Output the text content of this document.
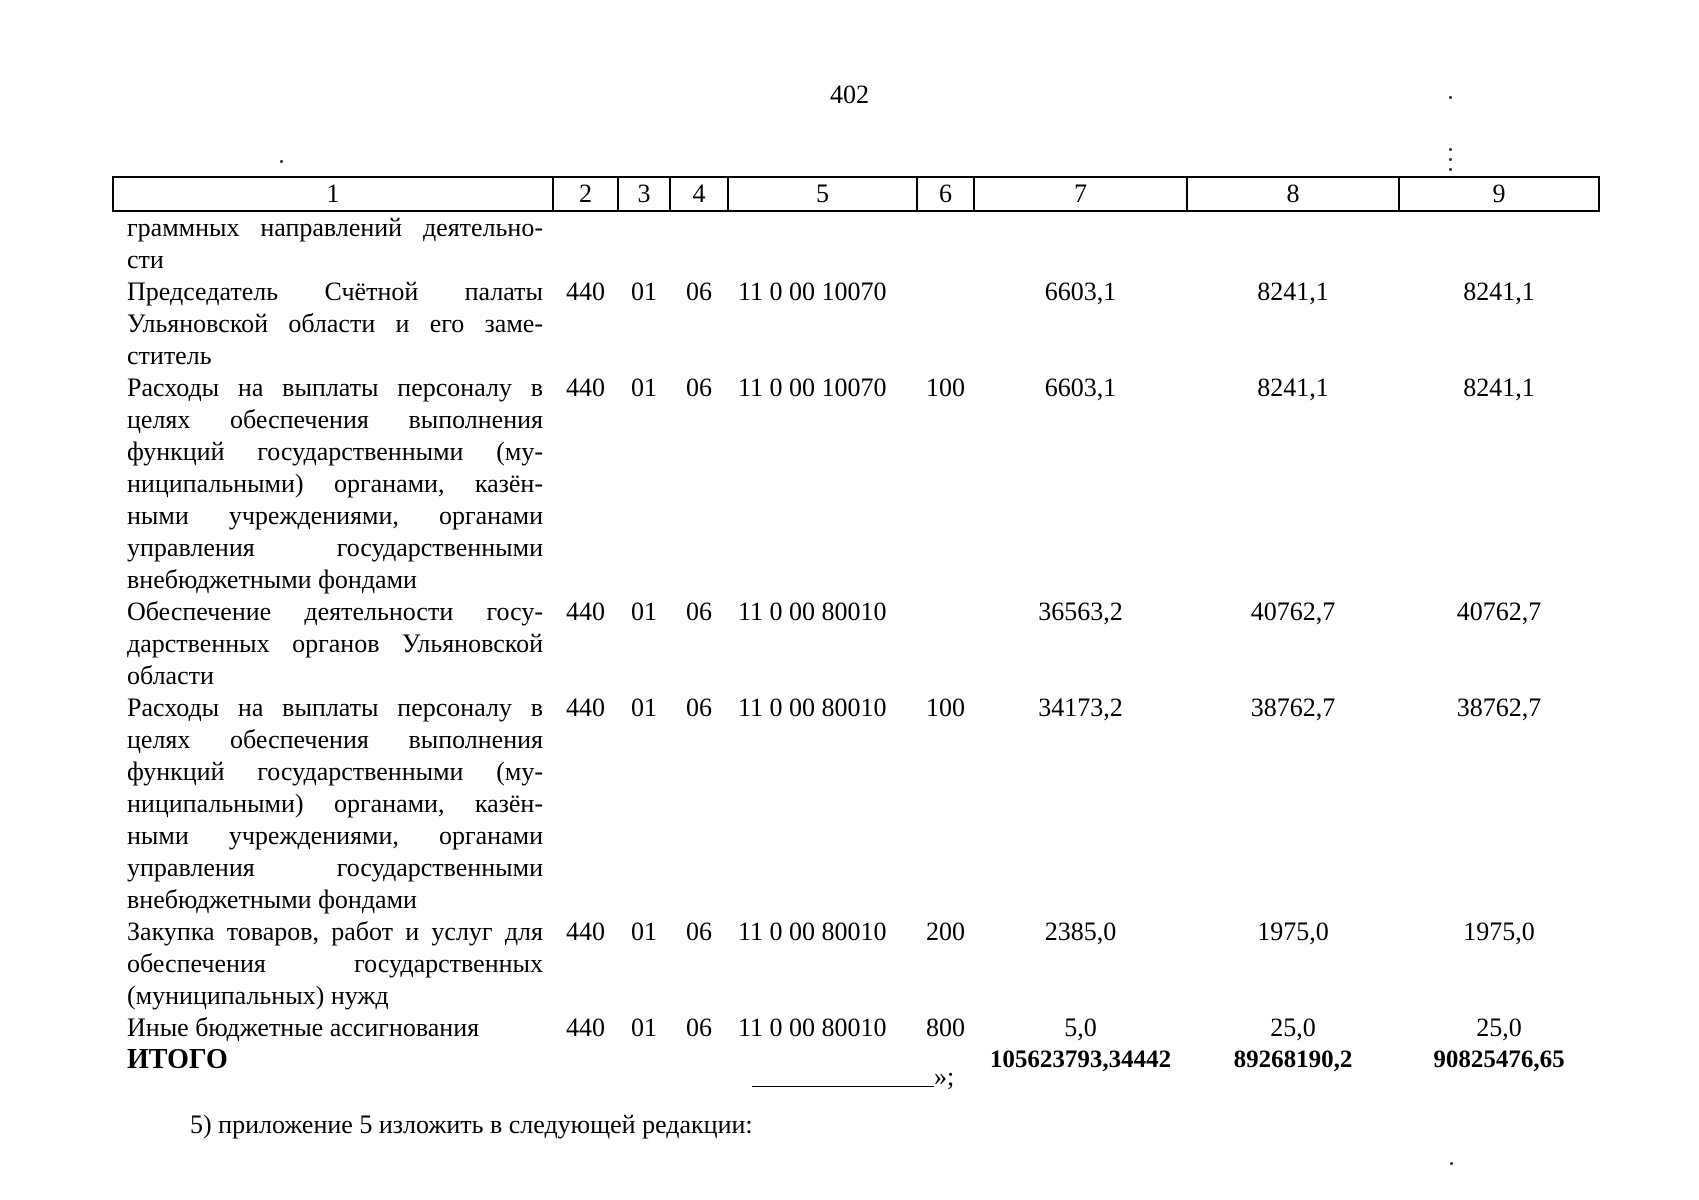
402
1	2	3	4	5	6	7	8	9
граммных направлений деятельно-сти								
Председатель Счётной палаты Ульяновской области и его заме-ститель	440	01	06	11 0 00 10070		6603,1	8241,1	8241,1
Расходы на выплаты персоналу в целях обеспечения выполнения функций государственными (му-ниципальными) органами, казён-ными учреждениями, органами управления государственными внебюджетными фондами	440	01	06	11 0 00 10070	100	6603,1	8241,1	8241,1
Обеспечение деятельности госу-дарственных органов Ульяновской области	440	01	06	11 0 00 80010		36563,2	40762,7	40762,7
Расходы на выплаты персоналу в целях обеспечения выполнения функций государственными (му-ниципальными) органами, казён-ными учреждениями, органами управления государственными внебюджетными фондами	440	01	06	11 0 00 80010	100	34173,2	38762,7	38762,7
Закупка товаров, работ и услуг для обеспечения государственных (муниципальных) нужд	440	01	06	11 0 00 80010	200	2385,0	1975,0	1975,0
Иные бюджетные ассигнования	440	01	06	11 0 00 80010	800	5,0	25,0	25,0
ИТОГО						105623793,34442	89268190,2	90825476,65
»;
5) приложение 5 изложить в следующей редакции:
